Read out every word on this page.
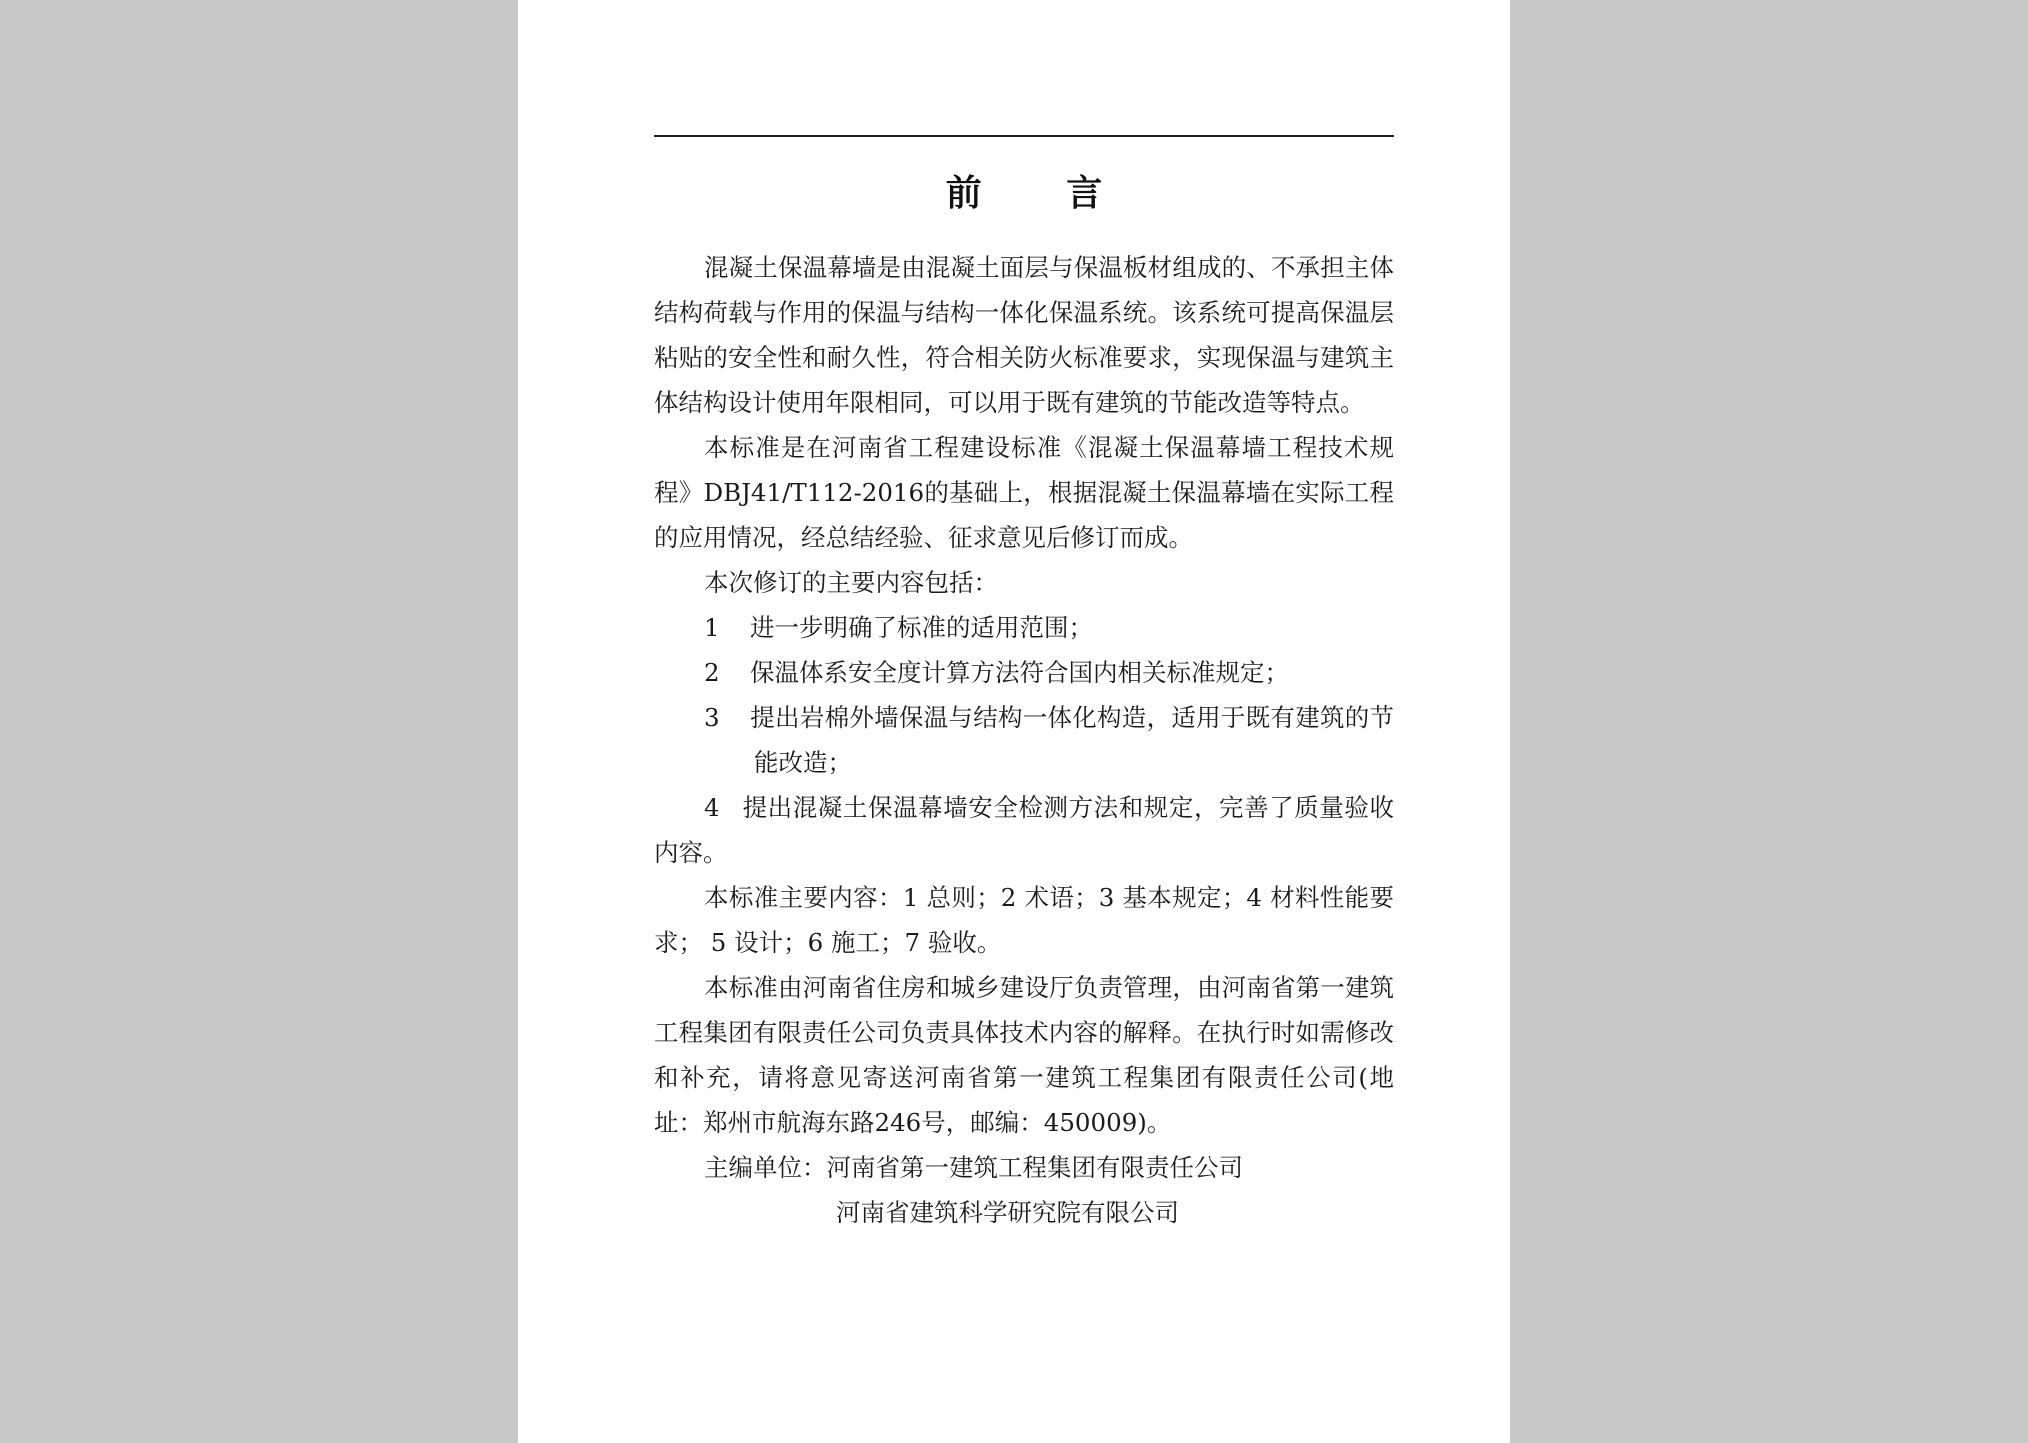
前 言

混凝土保温幕墙是由混凝土面层与保温板材组成的、不承担主体结构荷载与作用的保温与结构一体化保温系统。该系统可提高保温层粘贴的安全性和耐久性，符合相关防火标准要求，实现保温与建筑主体结构设计使用年限相同，可以用于既有建筑的节能改造等特点。

本标准是在河南省工程建设标准《混凝土保温幕墙工程技术规程》DBJ41/T112-2016的基础上，根据混凝土保温幕墙在实际工程的应用情况，经总结经验、征求意见后修订而成。

本次修订的主要内容包括：

1 进一步明确了标准的适用范围；
2 保温体系安全度计算方法符合国内相关标准规定；
3 提出岩棉外墙保温与结构一体化构造，适用于既有建筑的节能改造；
4 提出混凝土保温幕墙安全检测方法和规定，完善了质量验收内容。

本标准主要内容：1 总则；2 术语；3 基本规定；4 材料性能要求； 5 设计；6 施工；7 验收。

本标准由河南省住房和城乡建设厅负责管理，由河南省第一建筑工程集团有限责任公司负责具体技术内容的解释。在执行时如需修改和补充，请将意见寄送河南省第一建筑工程集团有限责任公司(地址：郑州市航海东路246号，邮编：450009)。

主编单位：河南省第一建筑工程集团有限责任公司

河南省建筑科学研究院有限公司
